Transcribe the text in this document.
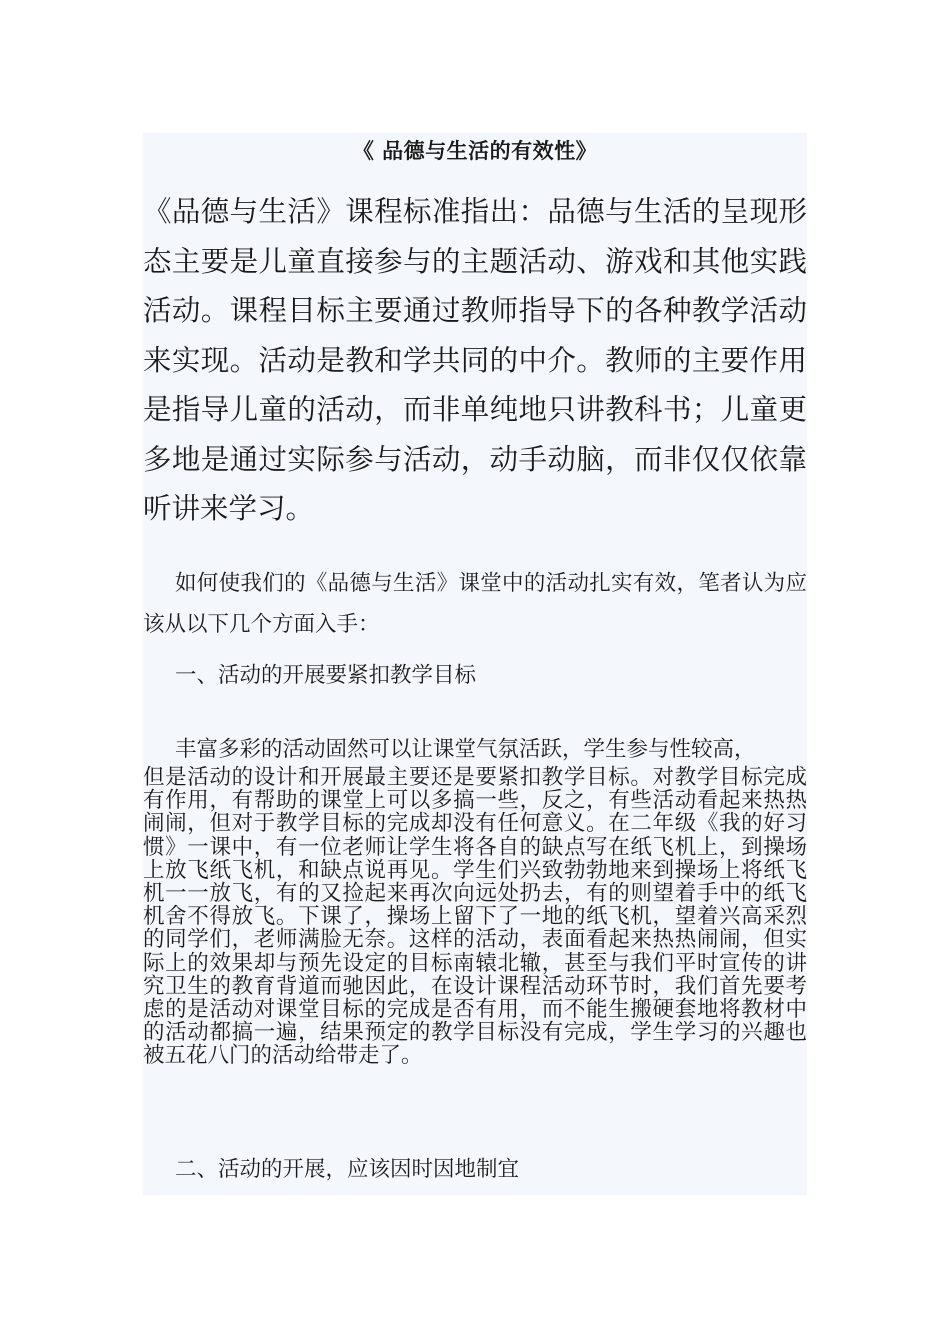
《 品德与生活的有效性》

《品德与生活》课程标准指出：品德与生活的呈现形态主要是儿童直接参与的主题活动、游戏和其他实践活动。课程目标主要通过教师指导下的各种教学活动来实现。活动是教和学共同的中介。教师的主要作用是指导儿童的活动，而非单纯地只讲教科书；儿童更多地是通过实际参与活动，动手动脑，而非仅仅依靠听讲来学习。

如何使我们的《品德与生活》课堂中的活动扎实有效，笔者认为应该从以下几个方面入手：

一、活动的开展要紧扣教学目标

丰富多彩的活动固然可以让课堂气氛活跃，学生参与性较高，
但是活动的设计和开展最主要还是要紧扣教学目标。对教学目标完成有作用，有帮助的课堂上可以多搞一些，反之，有些活动看起来热热闹闹，但对于教学目标的完成却没有任何意义。在二年级《我的好习惯》一课中，有一位老师让学生将各自的缺点写在纸飞机上，到操场上放飞纸飞机，和缺点说再见。学生们兴致勃勃地来到操场上将纸飞机一一放飞，有的又捡起来再次向远处扔去，有的则望着手中的纸飞机舍不得放飞。下课了，操场上留下了一地的纸飞机，望着兴高采烈的同学们，老师满脸无奈。这样的活动，表面看起来热热闹闹，但实际上的效果却与预先设定的目标南辕北辙，甚至与我们平时宣传的讲究卫生的教育背道而驰因此，在设计课程活动环节时，我们首先要考虑的是活动对课堂目标的完成是否有用，而不能生搬硬套地将教材中的活动都搞一遍，结果预定的教学目标没有完成，学生学习的兴趣也被五花八门的活动给带走了。

二、活动的开展，应该因时因地制宜
